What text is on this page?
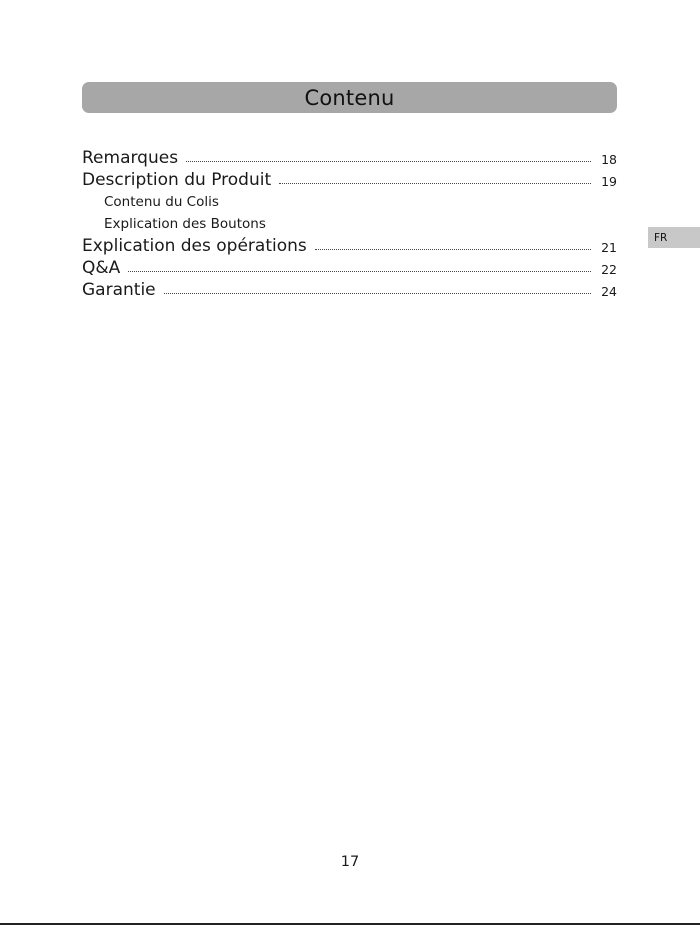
Contenu
Remarques	18
Description du Produit	19
Contenu du Colis
Explication des Boutons
Explication des opérations	21
Q&A	22
Garantie	24
FR
17
